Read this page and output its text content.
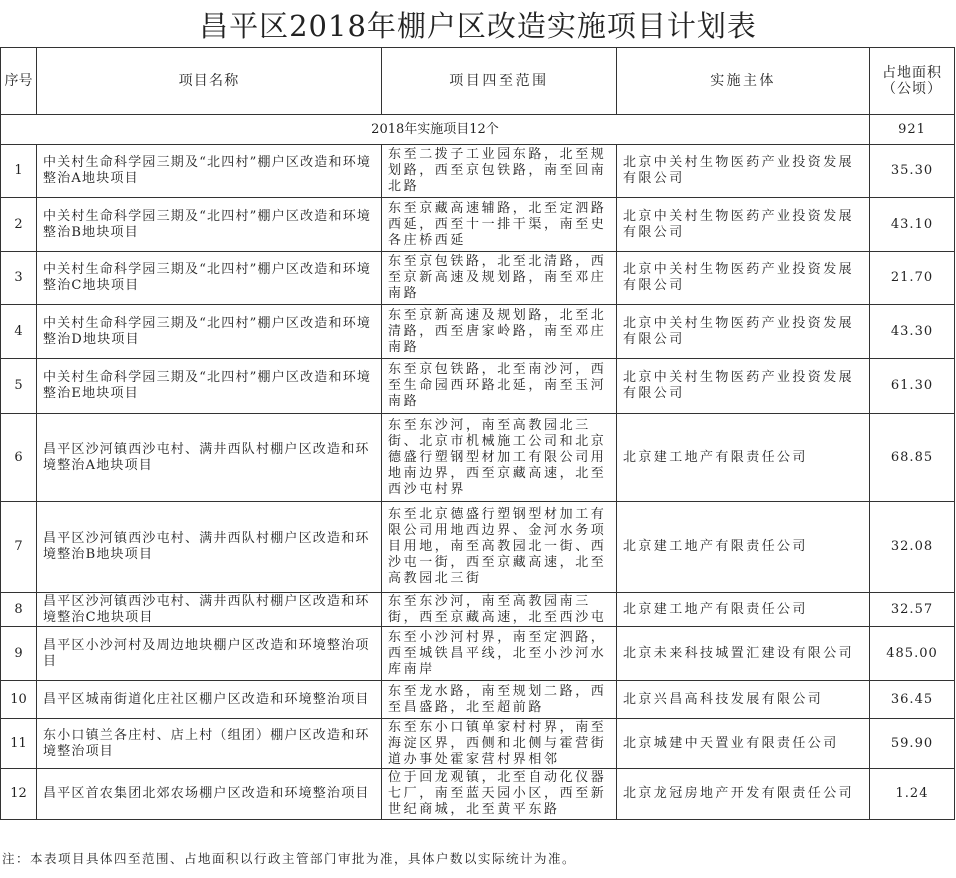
昌平区2018年棚户区改造实施项目计划表
序号	项目名称	项目四至范围	实施主体	占地面积（公顷）
2018年实施项目12个				921
1	中关村生命科学园三期及“北四村”棚户区改造和环境整治A地块项目	东至二拨子工业园东路，北至规划路，西至京包铁路，南至回南北路	北京中关村生物医药产业投资发展有限公司	35.30
2	中关村生命科学园三期及“北四村”棚户区改造和环境整治B地块项目	东至京藏高速辅路，北至定泗路西延，西至十一排干渠，南至史各庄桥西延	北京中关村生物医药产业投资发展有限公司	43.10
3	中关村生命科学园三期及“北四村”棚户区改造和环境整治C地块项目	东至京包铁路，北至北清路，西至京新高速及规划路，南至邓庄南路	北京中关村生物医药产业投资发展有限公司	21.70
4	中关村生命科学园三期及“北四村”棚户区改造和环境整治D地块项目	东至京新高速及规划路，北至北清路，西至唐家岭路，南至邓庄南路	北京中关村生物医药产业投资发展有限公司	43.30
5	中关村生命科学园三期及“北四村”棚户区改造和环境整治E地块项目	东至京包铁路，北至南沙河，西至生命园西环路北延，南至玉河南路	北京中关村生物医药产业投资发展有限公司	61.30
6	昌平区沙河镇西沙屯村、满井西队村棚户区改造和环境整治A地块项目	东至东沙河，南至高教园北三街、北京市机械施工公司和北京德盛行塑钢型材加工有限公司用地南边界，西至京藏高速，北至西沙屯村界	北京建工地产有限责任公司	68.85
7	昌平区沙河镇西沙屯村、满井西队村棚户区改造和环境整治B地块项目	东至北京德盛行塑钢型材加工有限公司用地西边界、金河水务项目用地，南至高教园北一街、西沙屯一街，西至京藏高速，北至高教园北三街	北京建工地产有限责任公司	32.08
8	昌平区沙河镇西沙屯村、满井西队村棚户区改造和环境整治C地块项目	东至东沙河，南至高教园南三街，西至京藏高速，北至西沙屯	北京建工地产有限责任公司	32.57
9	昌平区小沙河村及周边地块棚户区改造和环境整治项目	东至小沙河村界，南至定泗路，西至城铁昌平线，北至小沙河水库南岸	北京未来科技城置汇建设有限公司	485.00
10	昌平区城南街道化庄社区棚户区改造和环境整治项目	东至龙水路，南至规划二路，西至昌盛路，北至超前路	北京兴昌高科技发展有限公司	36.45
11	东小口镇兰各庄村、店上村（组团）棚户区改造和环境整治项目	东至东小口镇单家村村界，南至海淀区界，西侧和北侧与霍营街道办事处霍家营村界相邻	北京城建中天置业有限责任公司	59.90
12	昌平区首农集团北郊农场棚户区改造和环境整治项目	位于回龙观镇，北至自动化仪器七厂，南至蓝天园小区，西至新世纪商城，北至黄平东路	北京龙冠房地产开发有限责任公司	1.24
注：本表项目具体四至范围、占地面积以行政主管部门审批为准，具体户数以实际统计为准。
